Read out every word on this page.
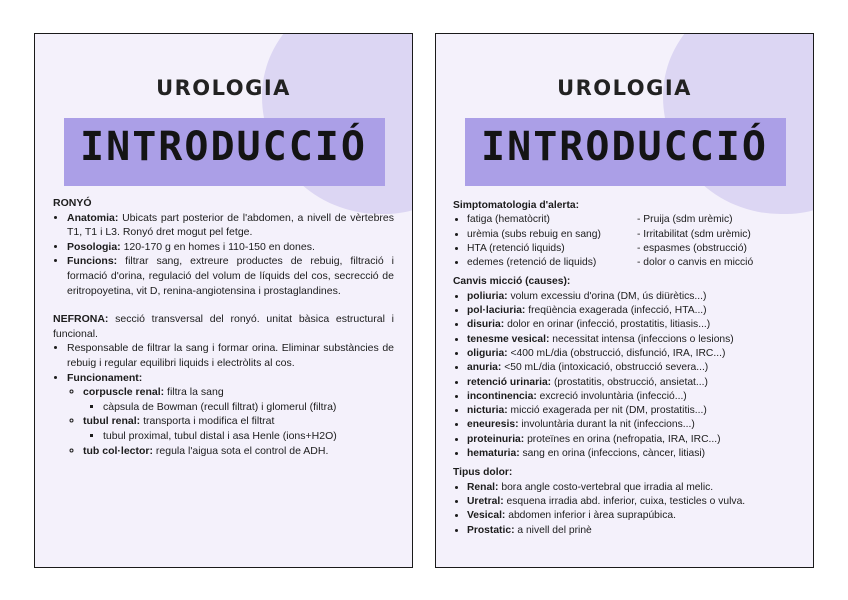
UROLOGIA
INTRODUCCIÓ
RONYÓ
• Anatomia: Ubicats part posterior de l'abdomen, a nivell de vèrtebres T1, T1 i L3. Ronyó dret mogut pel fetge.
• Posologia: 120-170 g en homes i 110-150 en dones.
• Funcions: filtrar sang, extreure productes de rebuig, filtració i formació d'orina, regulació del volum de líquids del cos, secrecció de eritropoyetina, vit D, renina-angiotensina i prostaglandines.
NEFRONA: secció transversal del ronyó. unitat bàsica estructural i funcional.
• Responsable de filtrar la sang i formar orina. Eliminar substàncies de rebuig i regular equilibri liquids i electròlits al cos.
• Funcionament:
◦ corpuscle renal: filtra la sang
▪ càpsula de Bowman (recull filtrat) i glomerul (filtra)
◦ tubul renal: transporta i modifica el filtrat
▪ tubul proximal, tubul distal i asa Henle (ions+H2O)
◦ tub col·lector: regula l'aigua sota el control de ADH.
UROLOGIA
INTRODUCCIÓ
Simptomatologia d'alerta:
• fatiga (hematòcrit)	- Pruija (sdm urèmic)
• urèmia (subs rebuig en sang)	- Irritabilitat (sdm urèmic)
• HTA (retenció liquids)	- espasmes (obstrucció)
• edemes (retenció de liquids)	- dolor o canvis en micció
Canvis micció (causes):
• poliuria: volum excessiu d'orina (DM, ús diürètics...)
• pol·laciuria: freqüència exagerada (infecció, HTA...)
• disuria: dolor en orinar (infecció, prostatitis, litiasis...)
• tenesme vesical: necessitat intensa (infeccions o lesions)
• oliguria: <400 mL/dia (obstrucció, disfunció, IRA, IRC...)
• anuria: <50 mL/dia (intoxicació, obstrucció severa...)
• retenció urinaria: (prostatitis, obstrucció, ansietat...)
• incontinencia: excreció involuntària (infecció...)
• nicturia: micció exagerada per nit (DM, prostatitis...)
• eneuresis: involuntària durant la nit (infeccions...)
• proteinuria: proteïnes en orina (nefropatia, IRA, IRC...)
• hematuria: sang en orina (infeccions, càncer, litiasi)
Tipus dolor:
• Renal: bora angle costo-vertebral que irradia al melic.
• Uretral: esquena irradia abd. inferior, cuixa, testicles o vulva.
• Vesical: abdomen inferior i àrea suprapúbica.
• Prostatic: a nivell del prinè
